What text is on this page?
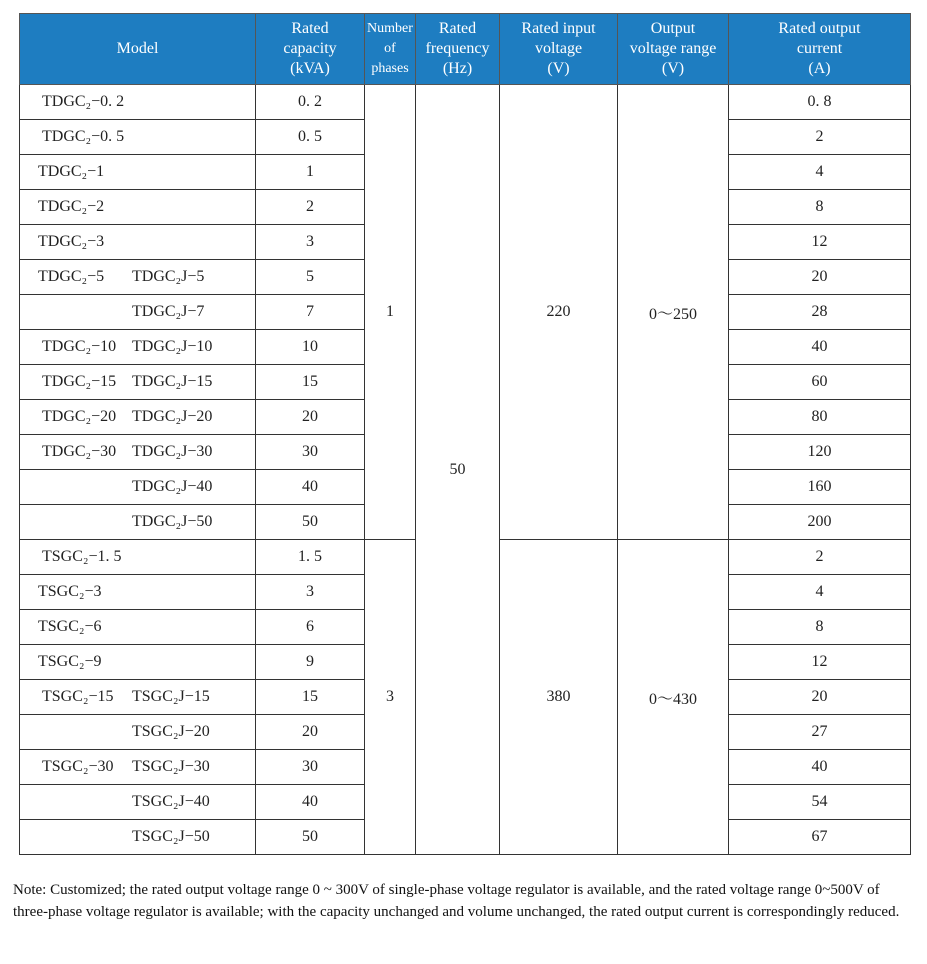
Model	Rated
capacity
(kVA)	Number
of
phases	Rated
frequency
(Hz)	Rated input
voltage
(V)	Output
voltage range
(V)	Rated output
current
(A)
TDGC₂−0. 2	0. 2	1	50	220	0～250	0. 8
TDGC₂−0. 5	0. 5					2
TDGC₂−1	1					4
TDGC₂−2	2					8
TDGC₂−3	3					12
TDGC₂−5 TDGC₂J−5	5					20
TDGC₂J−7	7					28
TDGC₂−10 TDGC₂J−10	10					40
TDGC₂−15 TDGC₂J−15	15					60
TDGC₂−20 TDGC₂J−20	20					80
TDGC₂−30 TDGC₂J−30	30					120
TDGC₂J−40	40					160
TDGC₂J−50	50					200
TSGC₂−1. 5	1. 5	3		380	0～430	2
TSGC₂−3	3					4
TSGC₂−6	6					8
TSGC₂−9	9					12
TSGC₂−15 TSGC₂J−15	15					20
TSGC₂J−20	20					27
TSGC₂−30 TSGC₂J−30	30					40
TSGC₂J−40	40					54
TSGC₂J−50	50					67
Note: Customized; the rated output voltage range 0 ~ 300V of single-phase voltage regulator is available, and the rated voltage range 0~500V of three-phase voltage regulator is available; with the capacity unchanged and volume unchanged, the rated output current is correspondingly reduced.
